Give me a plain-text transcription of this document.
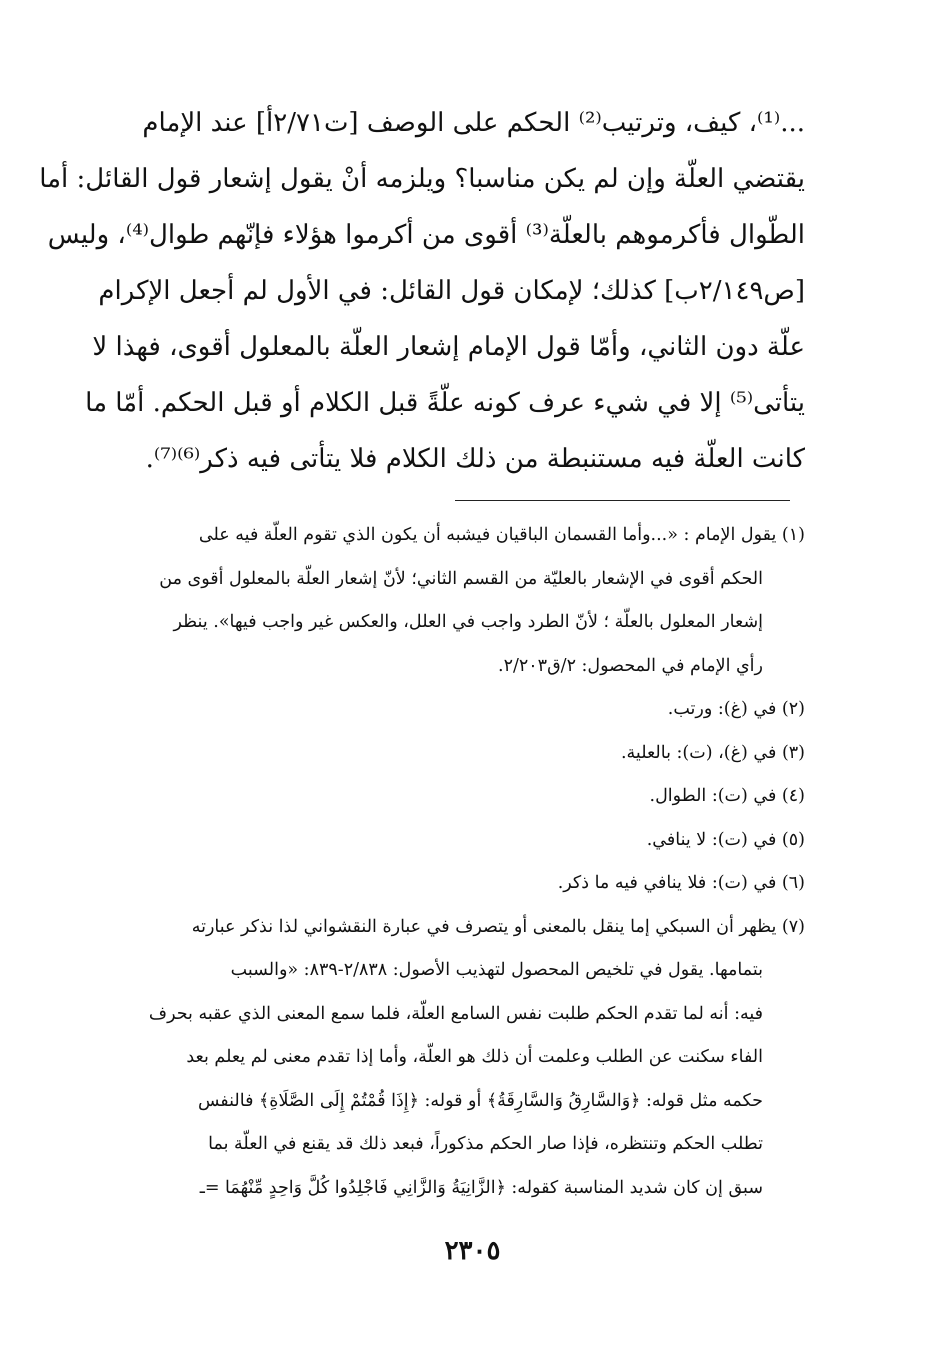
...⁽¹⁾، كيف، وترتيب⁽²⁾ الحكم على الوصف [ت٢/٧١أ] عند الإمام
يقتضي العلّة وإن لم يكن مناسبا؟ ويلزمه أنْ يقول إشعار قول القائل: أما
الطّوال فأكرموهم بالعلّة⁽³⁾ أقوى من أكرموا هؤلاء فإنّهم طوال⁽⁴⁾، وليس
[ص٢/١٤٩ب] كذلك؛ لإمكان قول القائل: في الأول لم أجعل الإكرام
علّة دون الثاني، وأمّا قول الإمام إشعار العلّة بالمعلول أقوى، فهذا لا
يتأتى⁽⁵⁾ إلا في شيء عرف كونه علّةً قبل الكلام أو قبل الحكم. أمّا ما
كانت العلّة فيه مستنبطة من ذلك الكلام فلا يتأتى فيه ذكر⁽⁶⁾⁽⁷⁾.
(١) يقول الإمام : «...وأما القسمان الباقيان فيشبه أن يكون الذي تقوم العلّة فيه على
الحكم أقوى في الإشعار بالعليّة من القسم الثاني؛ لأنّ إشعار العلّة بالمعلول أقوى من
إشعار المعلول بالعلّة ؛ لأنّ الطرد واجب في العلل، والعكس غير واجب فيها». ينظر
رأي الإمام في المحصول: ٢/ق٢/٢٠٣.
(٢) في (غ): ورتب.
(٣) في (غ)، (ت): بالعلية.
(٤) في (ت): الطوال.
(٥) في (ت): لا ينافي.
(٦) في (ت): فلا ينافي فيه ما ذكر.
(٧) يظهر أن السبكي إما ينقل بالمعنى أو يتصرف في عبارة النقشواني لذا نذكر عبارته
بتمامها. يقول في تلخيص المحصول لتهذيب الأصول: ٢/٨٣٨-٨٣٩: «والسبب
فيه: أنه لما تقدم الحكم طلبت نفس السامع العلّة، فلما سمع المعنى الذي عقبه بحرف
الفاء سكنت عن الطلب وعلمت أن ذلك هو العلّة، وأما إذا تقدم معنى لم يعلم بعد
حكمه مثل قوله: ﴿وَالسَّارِقُ وَالسَّارِقَةُ﴾ أو قوله: ﴿إِذَا قُمْتُمْ إِلَى الصَّلَاةِ﴾ فالنفس
تطلب الحكم وتنتظره، فإذا صار الحكم مذكوراً، فبعد ذلك قد يقنع في العلّة بما
سبق إن كان شديد المناسبة كقوله: ﴿الزَّانِيَةُ وَالزَّانِي فَاجْلِدُوا كُلَّ وَاحِدٍ مِّنْهُمَا =ـ
٢٣٠٥
